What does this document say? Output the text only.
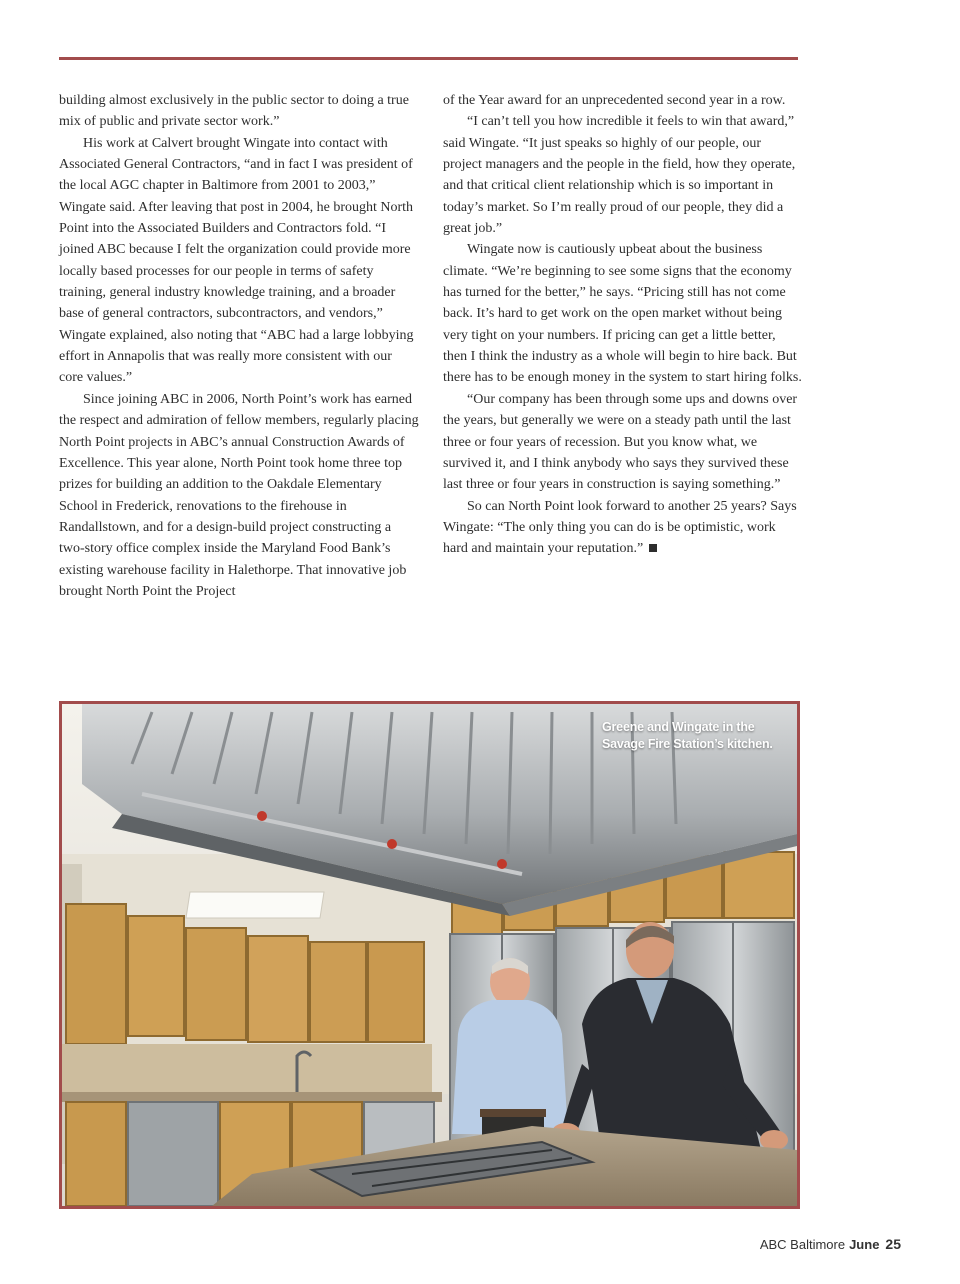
building almost exclusively in the public sector to doing a true mix of public and private sector work.”

His work at Calvert brought Wingate into contact with Associated General Contractors, “and in fact I was president of the local AGC chapter in Baltimore from 2001 to 2003,” Wingate said. After leaving that post in 2004, he brought North Point into the Associated Builders and Contractors fold. “I joined ABC because I felt the organization could provide more locally based processes for our people in terms of safety training, general industry knowledge training, and a broader base of general contractors, subcontractors, and vendors,” Wingate explained, also noting that “ABC had a large lobbying effort in Annapolis that was really more consistent with our core values.”

Since joining ABC in 2006, North Point’s work has earned the respect and admiration of fellow members, regularly placing North Point projects in ABC’s annual Construction Awards of Excellence. This year alone, North Point took home three top prizes for building an addition to the Oakdale Elementary School in Frederick, renovations to the firehouse in Randallstown, and for a design-build project constructing a two-story office complex inside the Maryland Food Bank’s existing warehouse facility in Halethorpe. That innovative job brought North Point the Project

of the Year award for an unprecedented second year in a row.

“I can’t tell you how incredible it feels to win that award,” said Wingate. “It just speaks so highly of our people, our project managers and the people in the field, how they operate, and that critical client relationship which is so important in today’s market. So I’m really proud of our people, they did a great job.”

Wingate now is cautiously upbeat about the business climate. “We’re beginning to see some signs that the economy has turned for the better,” he says. “Pricing still has not come back. It’s hard to get work on the open market without being very tight on your numbers. If pricing can get a little better, then I think the industry as a whole will begin to hire back. But there has to be enough money in the system to start hiring folks.

“Our company has been through some ups and downs over the years, but generally we were on a steady path until the last three or four years of recession. But you know what, we survived it, and I think anybody who says they survived these last three or four years in construction is saying something.”

So can North Point look forward to another 25 years? Says Wingate: “The only thing you can do is be optimistic, work hard and maintain your reputation.”

Greene and Wingate in the Savage Fire Station’s kitchen.
ABC Baltimore June 25
